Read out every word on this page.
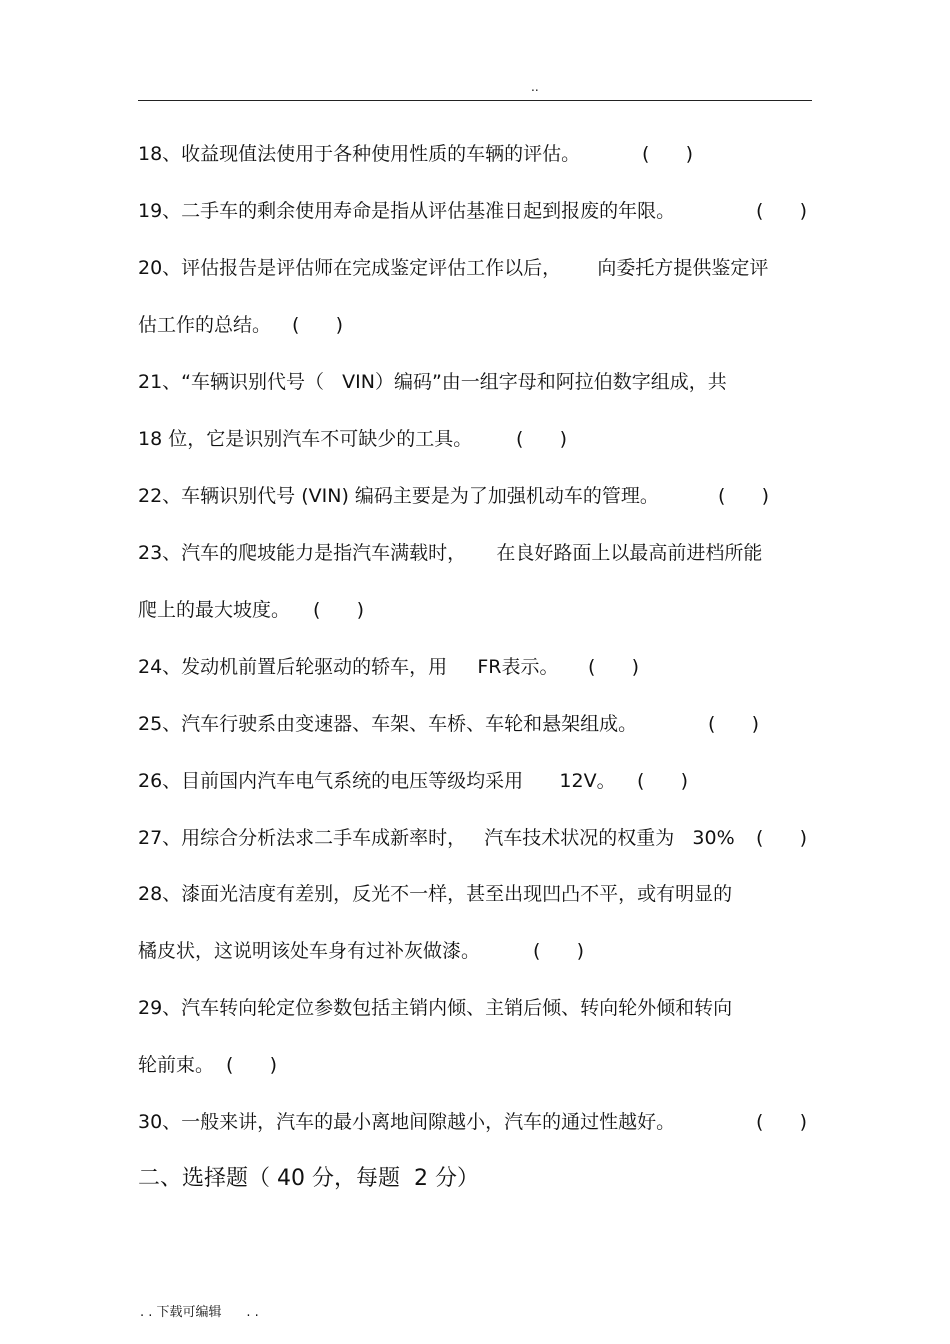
..
18、收益现值法使用于各种使用性质的车辆的评估。	(      )
19、二手车的剩余使用寿命是指从评估基准日起到报废的年限。	(      )
20、评估报告是评估师在完成鉴定评估工作以后，      向委托方提供鉴定评
估工作的总结。 (      )
21、“车辆识别代号（   VIN）编码”由一组字母和阿拉伯数字组成，共
18 位，它是识别汽车不可缺少的工具。 (      )
22、车辆识别代号 (VIN) 编码主要是为了加强机动车的管理。	(      )
23、汽车的爬坡能力是指汽车满载时，     在良好路面上以最高前进档所能
爬上的最大坡度。 (      )
24、发动机前置后轮驱动的轿车，用     FR表示。 (      )
25、汽车行驶系由变速器、车架、车桥、车轮和悬架组成。	(      )
26、目前国内汽车电气系统的电压等级均采用      12V。 (      )
27、用综合分析法求二手车成新率时，   汽车技术状况的权重为   30% (      )
28、漆面光洁度有差别，反光不一样，甚至出现凹凸不平，或有明显的
橘皮状，这说明该处车身有过补灰做漆。	(      )
29、汽车转向轮定位参数包括主销内倾、主销后倾、转向轮外倾和转向
轮前束。 (      )
30、一般来讲，汽车的最小离地间隙越小，汽车的通过性越好。	(      )
二、选择题（ 40 分，每题  2 分）
. . 下载可编辑      . .
